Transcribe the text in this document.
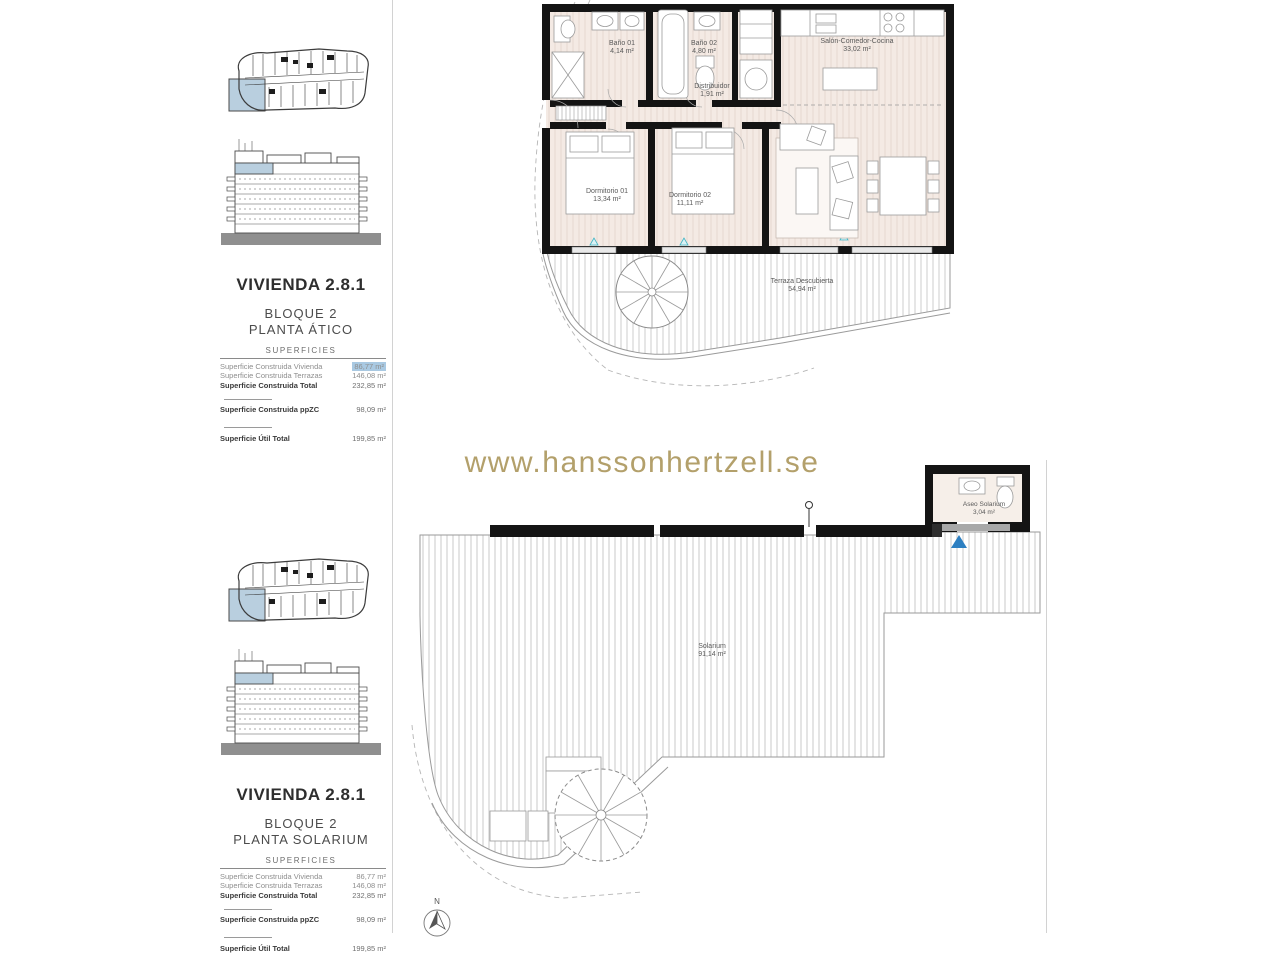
VIVIENDA 2.8.1
BLOQUE 2
PLANTA ÁTICO
SUPERFICIES
Superficie Construida Vivienda	86,77 m²
Superficie Construida Terrazas	146,08 m²
Superficie Construida Total	232,85 m²
Superficie Construida ppZC	98,09 m²
Superficie Útil Total	199,85 m²
VIVIENDA 2.8.1
BLOQUE 2
PLANTA SOLARIUM
SUPERFICIES
Superficie Construida Vivienda	86,77 m²
Superficie Construida Terrazas	146,08 m²
Superficie Construida Total	232,85 m²
Superficie Construida ppZC	98,09 m²
Superficie Útil Total	199,85 m²
www.hanssonhertzell.se
Baño 01
4,14 m²
Baño 02
4,80 m²
Distribuidor
1,91 m²
Dormitorio 01
13,34 m²
Dormitorio 02
11,11 m²
Salón-Comedor-Cocina
33,02 m²
Terraza Descubierta
54,94 m²
Solarium
91,14 m²
Aseo Solarium
3,04 m²
N
